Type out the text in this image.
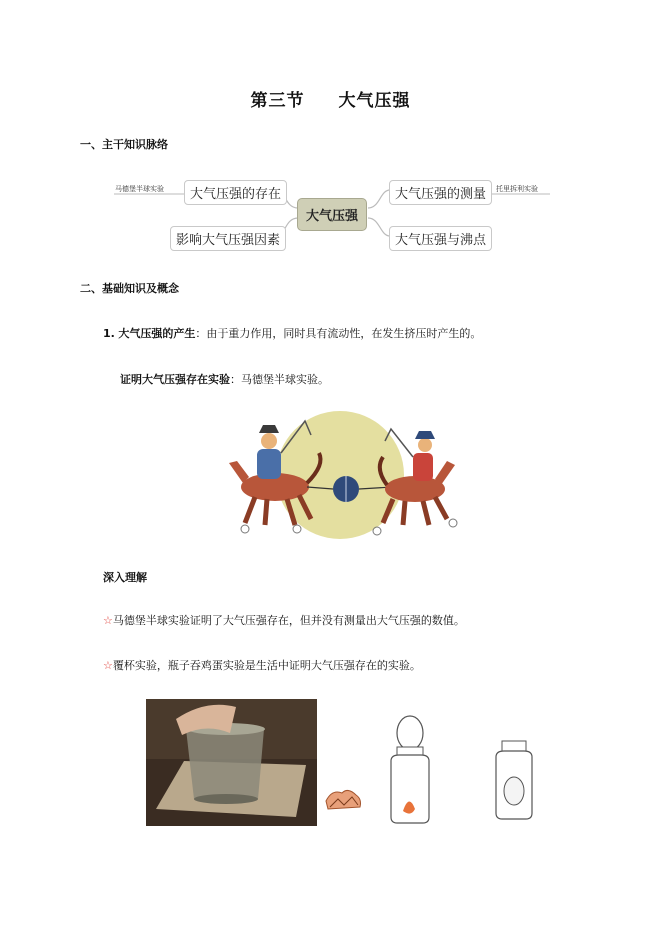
第三节 大气压强
一、主干知识脉络
马德堡半球实验	大气压强的存在
影响大气压强因素
大气压强
大气压强的测量	托里拆利实验
大气压强与沸点
二、基础知识及概念
1. 大气压强的产生：由于重力作用，同时具有流动性，在发生挤压时产生的。
证明大气压强存在实验：马德堡半球实验。
深入理解
☆马德堡半球实验证明了大气压强存在，但并没有测量出大气压强的数值。
☆覆杯实验，瓶子吞鸡蛋实验是生活中证明大气压强存在的实验。
